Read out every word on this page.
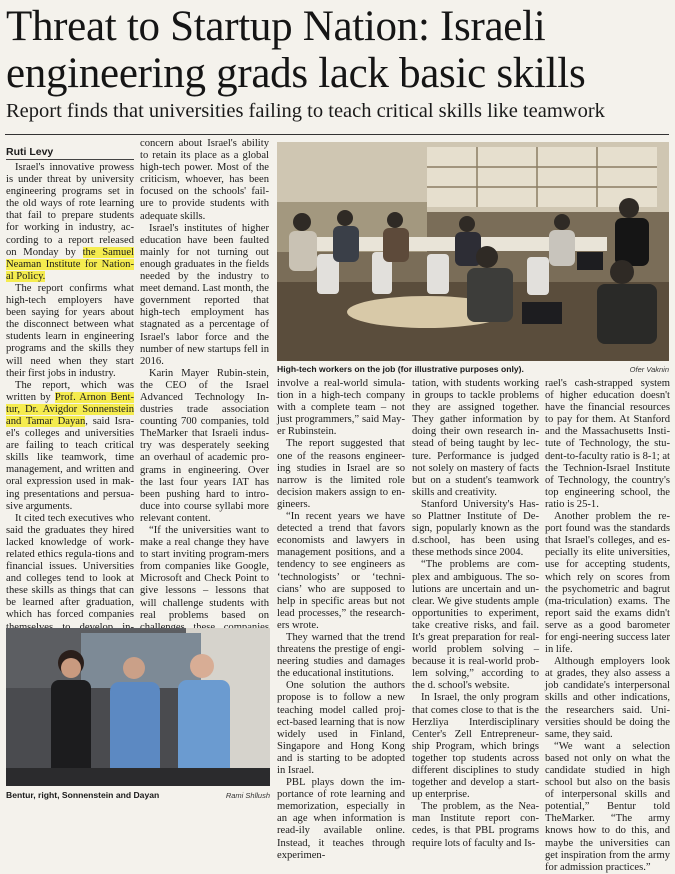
Threat to Startup Nation: Israeli
engineering grads lack basic skills
Report finds that universities failing to teach critical skills like teamwork
Ruti Levy

Israel's innovative prowess is under threat by university engineering programs set in the old ways of rote learning that fail to prepare students for working in industry, ac-cording to a report released on Monday by the Samuel Neaman Institute for Nation-al Policy.

The report confirms what high-tech employers have been saying for years about the disconnect between what students learn in engineering programs and the skills they will need when they start their first jobs in industry.

The report, which was written by Prof. Arnon Bent-tur, Dr. Avigdor Sonnenstein and Tamar Dayan, said Isra-el's colleges and universities are failing to teach critical skills like teamwork, time management, and written and oral expression used in mak-ing presentations and persua-sive arguments.

It cited tech executives who said the graduates they hired lacked knowledge of work-related ethics regula-tions and financial issues. Universities and colleges tend to look at these skills as things that can be learned after graduation, which has forced companies

concern about Israel's ability to retain its place as a global high-tech power. Most of the criticism, whoever, has been focused on the schools' fail-ure to provide students with adequate skills.

Israel's institutes of higher education have been faulted mainly for not turning out enough graduates in the fields needed by the industry to meet demand. Last month, the government reported that high-tech employment has stagnated as a percentage of Israel's labor force and the number of new startups fell in 2016.

Karin Mayer Rubin-stein, the CEO of the Israel Advanced Technology In-dustries trade association counting 700 companies, told TheMarker that Israeli indus-try was desperately seeking an overhaul of academic pro-grams in engineering. Over the last four years IAT has been pushing hard to intro-duce into course syllabi more relevant content.

“If the universities want to make a real change they have to start inviting program-mers from companies like Google, Microsoft and Check Point to give lessons – lessons that will challenge students with real problems based on

High-tech workers on the job (for illustrative purposes only).	Ofer Vaknin

involve a real-world simula-tion in a high-tech company with a complete team – not just programmers,” said May-er Rubinstein.

The report suggested that one of the reasons engineer-ing studies in Israel are so narrow is the limited role decision makers assign to en-gineers.

“In recent years we have detected a trend that favors economists and lawyers in management positions, and a tendency to see engineers as ‘technologists’ or ‘techni-cians’ who are supposed to help in specific areas but not lead processes,” the research-ers wrote.

They warned that the trend threatens the prestige of engi-neering studies and damages the educational institutions.

One solution the authors propose is to follow a new teaching model called proj-ect-based learning that is now widely used in Finland, Singapore and Hong Kong and is starting to be adopted in Israel.

PBL plays down the im-portance of rote learning and memorization, especially in an age when information is read-ily available online. Instead, it teaches through experimen-

tation, with students working in groups to tackle problems they are assigned together. They gather information by doing their own research in-stead of being taught by lec-ture. Performance is judged not solely on mastery of facts but on a student's teamwork skills and creativity.

Stanford University's Has-so Plattner Institute of De-sign, popularly known as the d.school, has been using these methods since 2004.

“The problems are com-plex and ambiguous. The so-lutions are uncertain and un-clear. We give students ample opportunities to experiment, take creative risks, and fail. It's great preparation for real-world problem solving – because it is real-world prob-lem solving,” according to the d. school's website.

In Israel, the only program that comes close to that is the Herzliya Interdisciplinary Center's Zell Entrepreneur-ship Program, which brings together top students across different disciplines to study together and develop a start-up enterprise.

The problem, as the Nea-man Institute report con-cedes, is that PBL programs require lots of faculty and Is-

rael's cash-strapped system of higher education doesn't have the financial resources to pay for them. At Stanford and the Massachusetts Insti-tute of Technology, the stu-dent-to-faculty ratio is 8-1; at the Technion-Israel Institute of Technology, the country's top engineering school, the ratio is 25-1.

Another problem the re-port found was the standards that Israel's colleges, and es-pecially its elite universities, use for accepting students, which rely on scores from the psychometric and bagrut (ma-triculation) exams. The report said the exams didn't serve as a good barometer for engi-neering success later in life.

Although employers look at grades, they also assess a job candidate's interpersonal skills and other indications, the researchers said. Uni-versities should be doing the same, they said.

“We want a selection based not only on what the candidate studied in high school but also on the basis of interpersonal skills and potential,” Bentur told TheMarker. “The army knows how to do this, and maybe the universities can get inspiration from the army for admission practices.”

Bentur, right, Sonnenstein and Dayan	Rami Shllush
